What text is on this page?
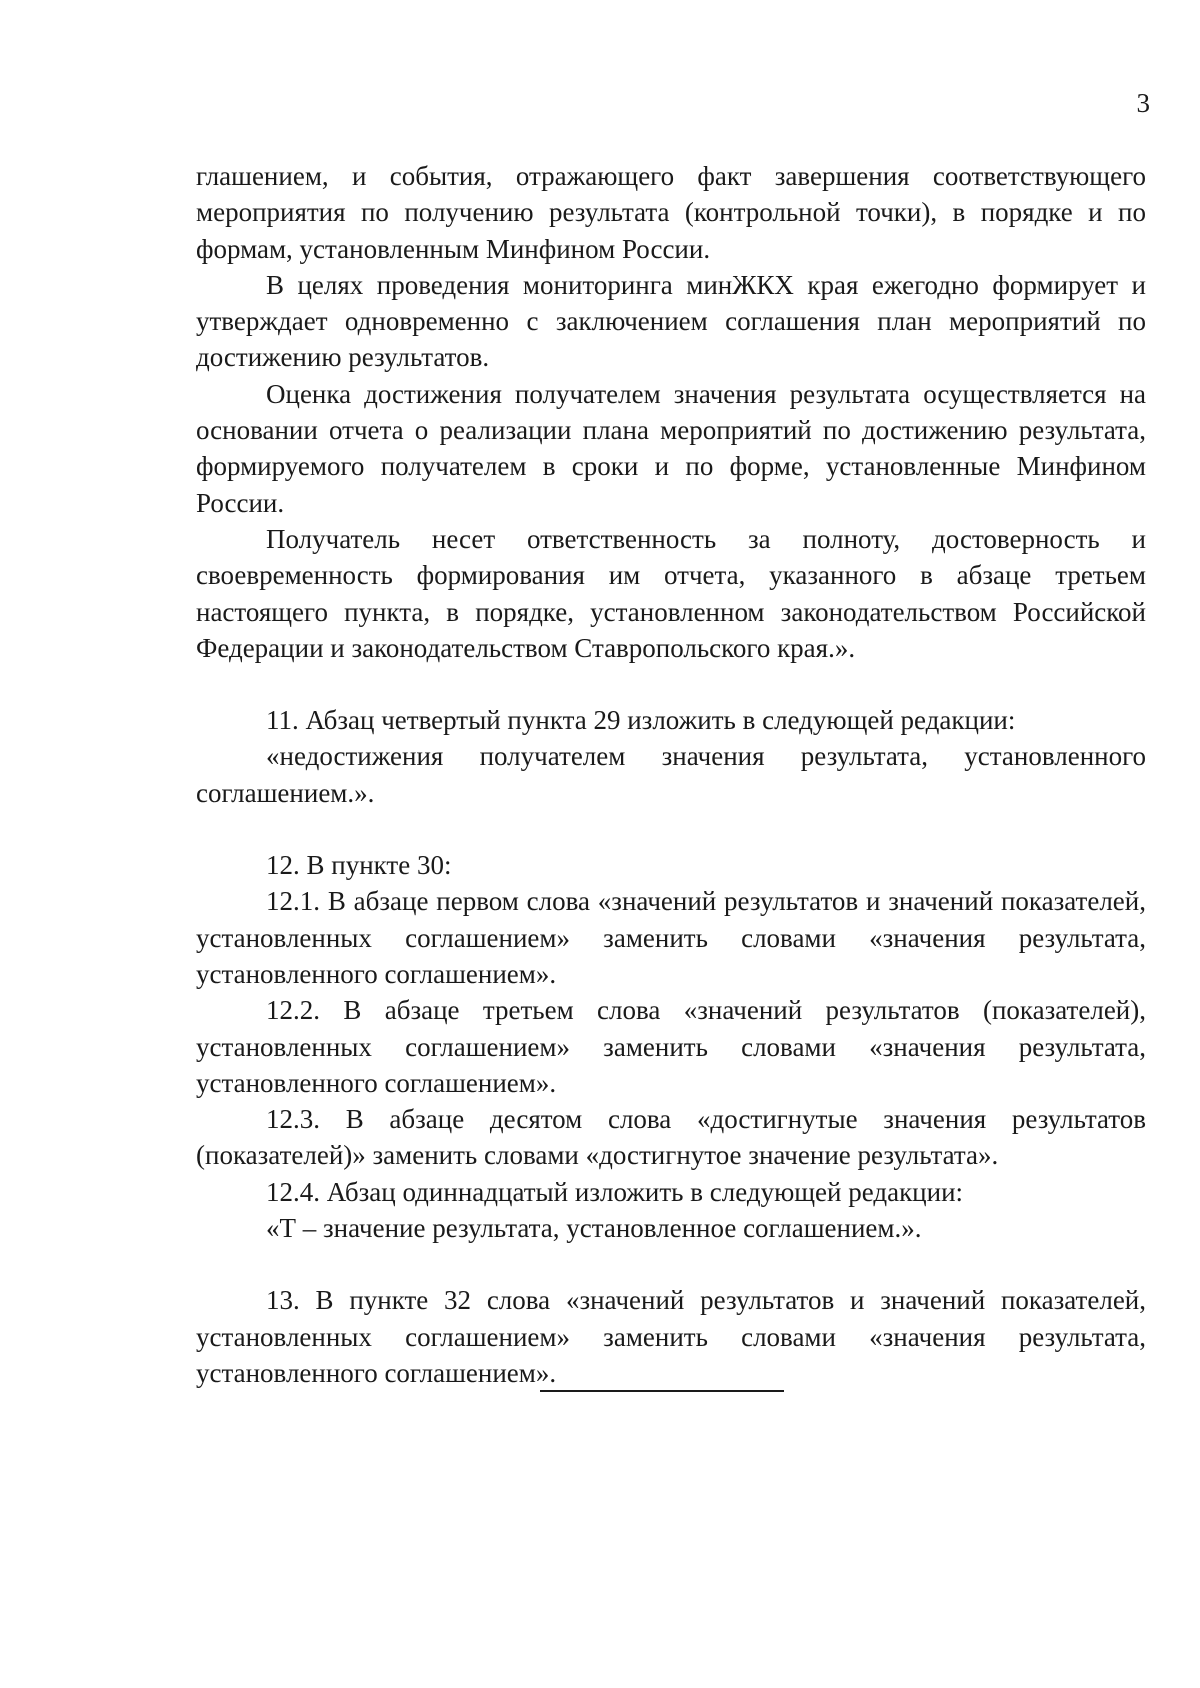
3

глашением, и события, отражающего факт завершения соответствующего мероприятия по получению результата (контрольной точки), в порядке и по формам, установленным Минфином России.

В целях проведения мониторинга минЖКХ края ежегодно формирует и утверждает одновременно с заключением соглашения план мероприятий по достижению результатов.

Оценка достижения получателем значения результата осуществляется на основании отчета о реализации плана мероприятий по достижению результата, формируемого получателем в сроки и по форме, установленные Минфином России.

Получатель несет ответственность за полноту, достоверность и своевременность формирования им отчета, указанного в абзаце третьем настоящего пункта, в порядке, установленном законодательством Российской Федерации и законодательством Ставропольского края.».

11. Абзац четвертый пункта 29 изложить в следующей редакции:

«недостижения получателем значения результата, установленного соглашением.».

12. В пункте 30:

12.1. В абзаце первом слова «значений результатов и значений показателей, установленных соглашением» заменить словами «значения результата, установленного соглашением».

12.2. В абзаце третьем слова «значений результатов (показателей), установленных соглашением» заменить словами «значения результата, установленного соглашением».

12.3. В абзаце десятом слова «достигнутые значения результатов (показателей)» заменить словами «достигнутое значение результата».

12.4. Абзац одиннадцатый изложить в следующей редакции:

«Т – значение результата, установленное соглашением.».

13. В пункте 32 слова «значений результатов и значений показателей, установленных соглашением» заменить словами «значения результата, установленного соглашением».
